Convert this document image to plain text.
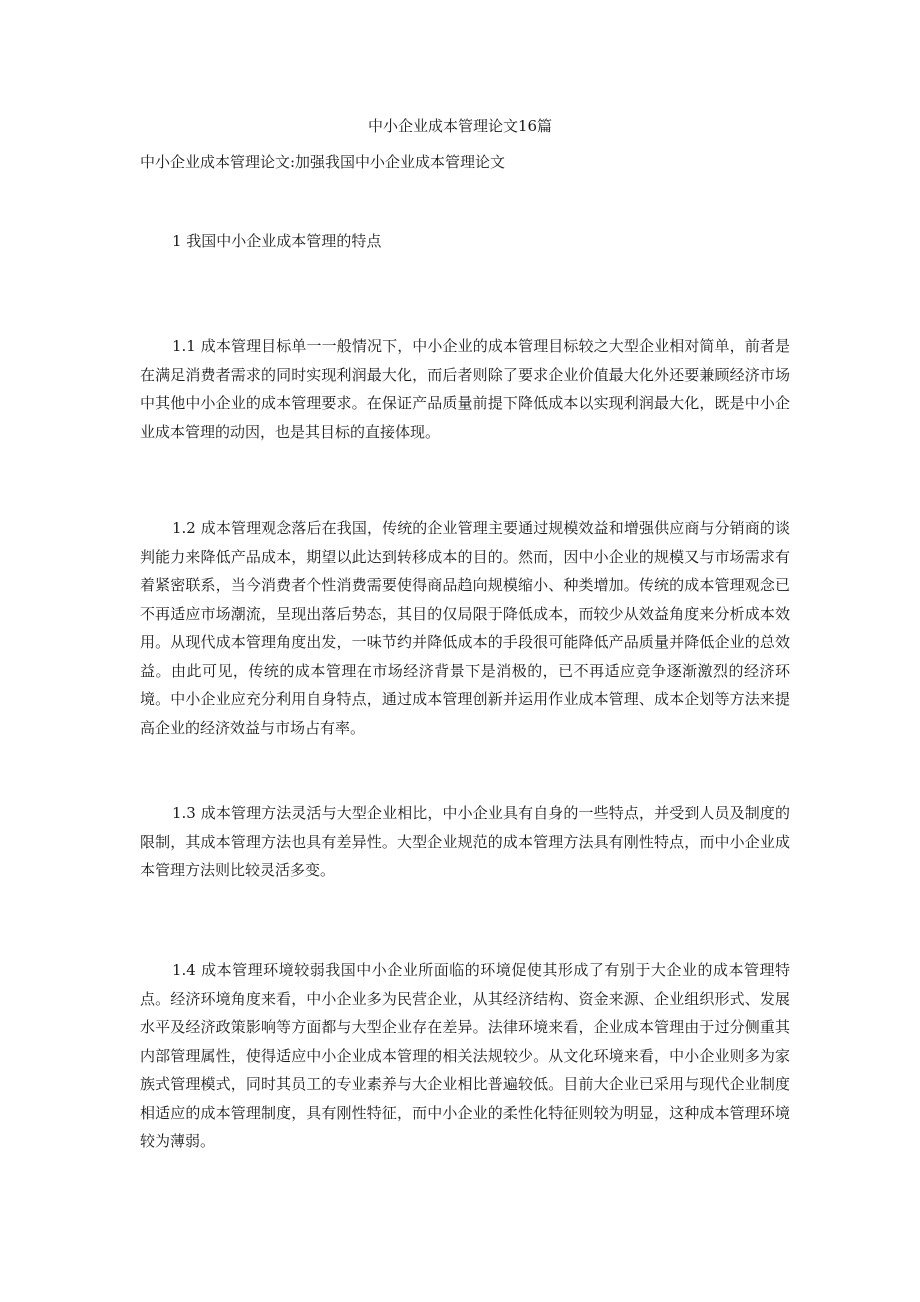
中小企业成本管理论文16篇

中小企业成本管理论文:加强我国中小企业成本管理论文

1 我国中小企业成本管理的特点

1.1 成本管理目标单一一般情况下，中小企业的成本管理目标较之大型企业相对简单，前者是在满足消费者需求的同时实现利润最大化，而后者则除了要求企业价值最大化外还要兼顾经济市场中其他中小企业的成本管理要求。在保证产品质量前提下降低成本以实现利润最大化，既是中小企业成本管理的动因，也是其目标的直接体现。

1.2 成本管理观念落后在我国，传统的企业管理主要通过规模效益和增强供应商与分销商的谈判能力来降低产品成本，期望以此达到转移成本的目的。然而，因中小企业的规模又与市场需求有着紧密联系，当今消费者个性消费需要使得商品趋向规模缩小、种类增加。传统的成本管理观念已不再适应市场潮流，呈现出落后势态，其目的仅局限于降低成本，而较少从效益角度来分析成本效用。从现代成本管理角度出发，一味节约并降低成本的手段很可能降低产品质量并降低企业的总效益。由此可见，传统的成本管理在市场经济背景下是消极的，已不再适应竞争逐渐激烈的经济环境。中小企业应充分利用自身特点，通过成本管理创新并运用作业成本管理、成本企划等方法来提高企业的经济效益与市场占有率。

1.3 成本管理方法灵活与大型企业相比，中小企业具有自身的一些特点，并受到人员及制度的限制，其成本管理方法也具有差异性。大型企业规范的成本管理方法具有刚性特点，而中小企业成本管理方法则比较灵活多变。

1.4 成本管理环境较弱我国中小企业所面临的环境促使其形成了有别于大企业的成本管理特点。经济环境角度来看，中小企业多为民营企业，从其经济结构、资金来源、企业组织形式、发展水平及经济政策影响等方面都与大型企业存在差异。法律环境来看，企业成本管理由于过分侧重其内部管理属性，使得适应中小企业成本管理的相关法规较少。从文化环境来看，中小企业则多为家族式管理模式，同时其员工的专业素养与大企业相比普遍较低。目前大企业已采用与现代企业制度相适应的成本管理制度，具有刚性特征，而中小企业的柔性化特征则较为明显，这种成本管理环境较为薄弱。
